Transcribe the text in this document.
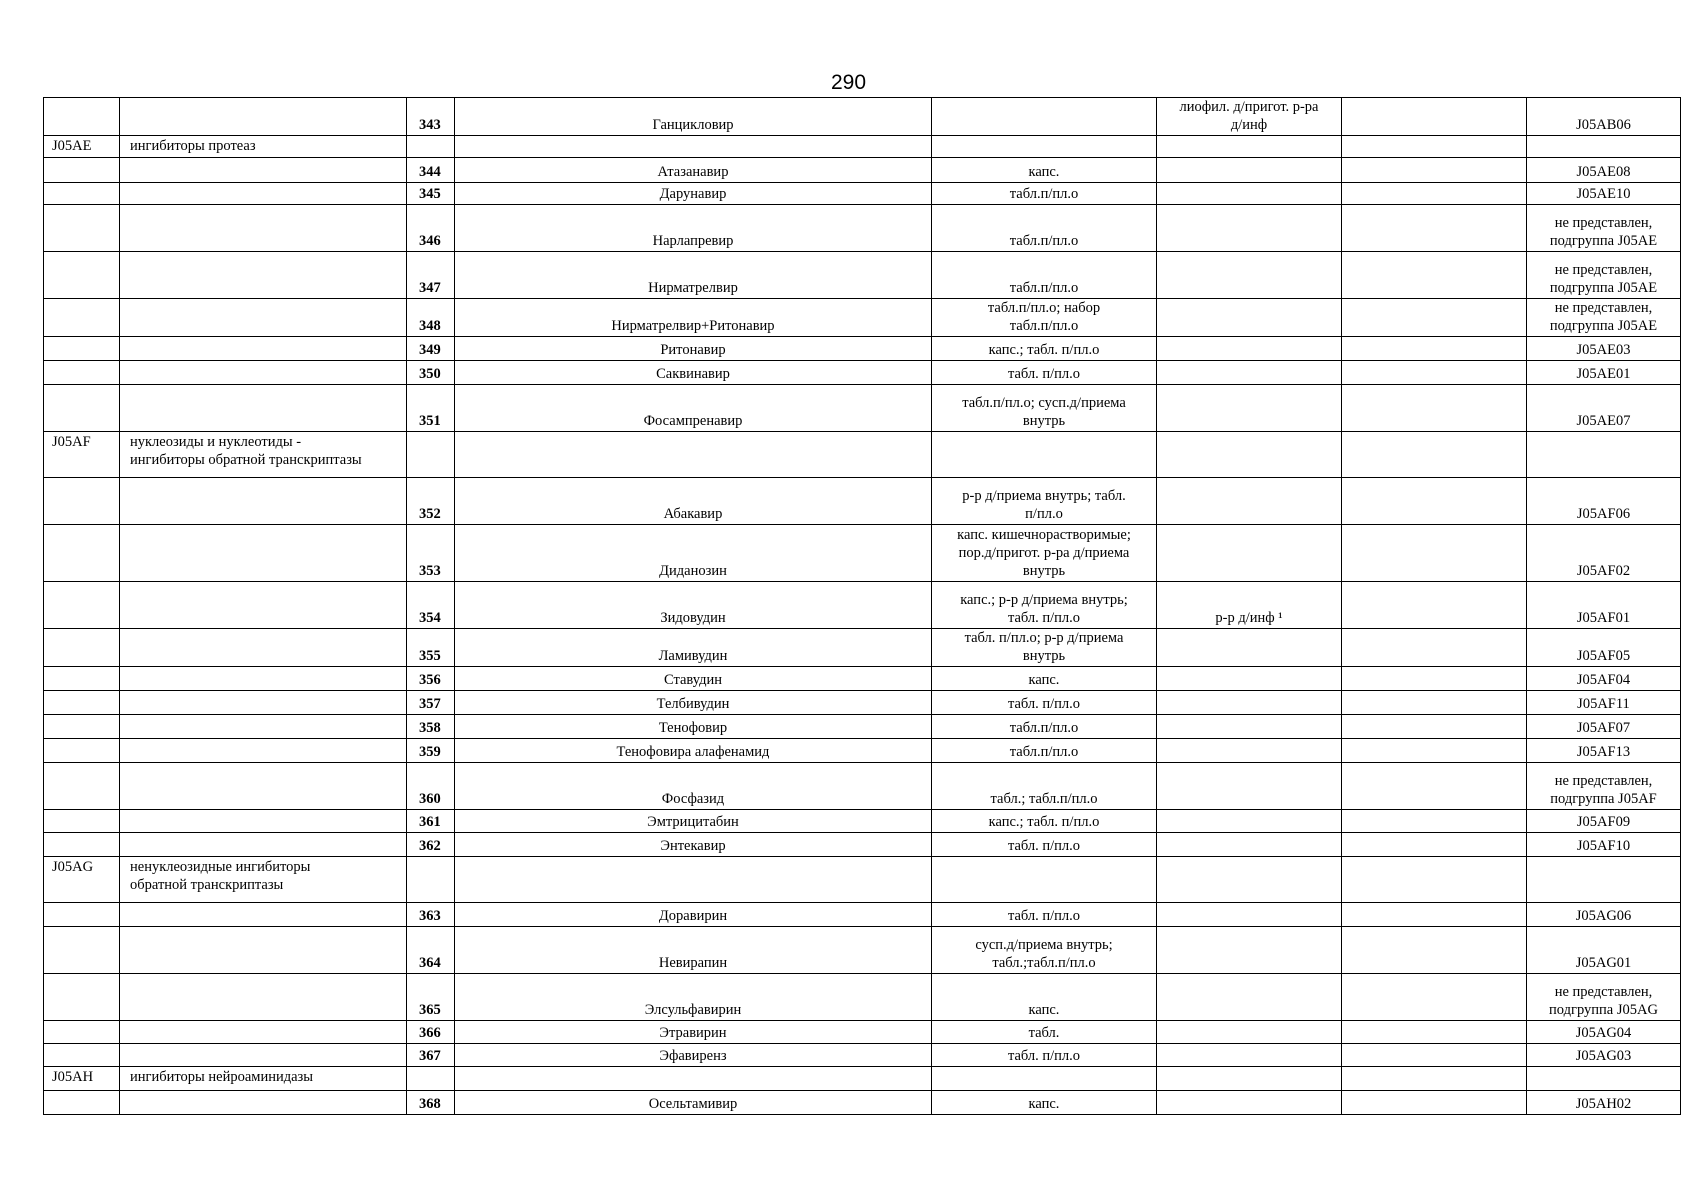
290
		343	Ганцикловир		лиофил. д/пригот. р-ра
д/инф		J05AB06
J05AE	ингибиторы протеаз						
		344	Атазанавир	капс.			J05AE08
		345	Дарунавир	табл.п/пл.о			J05AE10
		346	Нарлапревир	табл.п/пл.о			не представлен,
подгруппа J05AE
		347	Нирматрелвир	табл.п/пл.о			не представлен,
подгруппа J05AE
		348	Нирматрелвир+Ритонавир	табл.п/пл.о; набор
табл.п/пл.о			не представлен,
подгруппа J05AE
		349	Ритонавир	капс.; табл. п/пл.о			J05AE03
		350	Саквинавир	табл. п/пл.о			J05AE01
		351	Фосампренавир	табл.п/пл.о; сусп.д/приема
внутрь			J05AE07
J05AF	нуклеозиды и нуклеотиды -
ингибиторы обратной транскриптазы						
		352	Абакавир	р-р д/приема внутрь; табл.
п/пл.о			J05AF06
		353	Диданозин	капс. кишечнорастворимые;
пор.д/пригот. р-ра д/приема
внутрь			J05AF02
		354	Зидовудин	капс.; р-р д/приема внутрь;
табл. п/пл.о	р-р д/инф ¹		J05AF01
		355	Ламивудин	табл. п/пл.о; р-р д/приема
внутрь			J05AF05
		356	Ставудин	капс.			J05AF04
		357	Телбивудин	табл. п/пл.о			J05AF11
		358	Тенофовир	табл.п/пл.о			J05AF07
		359	Тенофовира алафенамид	табл.п/пл.о			J05AF13
		360	Фосфазид	табл.; табл.п/пл.о			не представлен,
подгруппа J05AF
		361	Эмтрицитабин	капс.; табл. п/пл.о			J05AF09
		362	Энтекавир	табл. п/пл.о			J05AF10
J05AG	ненуклеозидные ингибиторы
обратной транскриптазы						
		363	Доравирин	табл. п/пл.о			J05AG06
		364	Невирапин	сусп.д/приема внутрь;
табл.;табл.п/пл.о			J05AG01
		365	Элсульфавирин	капс.			не представлен,
подгруппа J05AG
		366	Этравирин	табл.			J05AG04
		367	Эфавиренз	табл. п/пл.о			J05AG03
J05AH	ингибиторы нейроаминидазы						
		368	Осельтамивир	капс.			J05AH02
